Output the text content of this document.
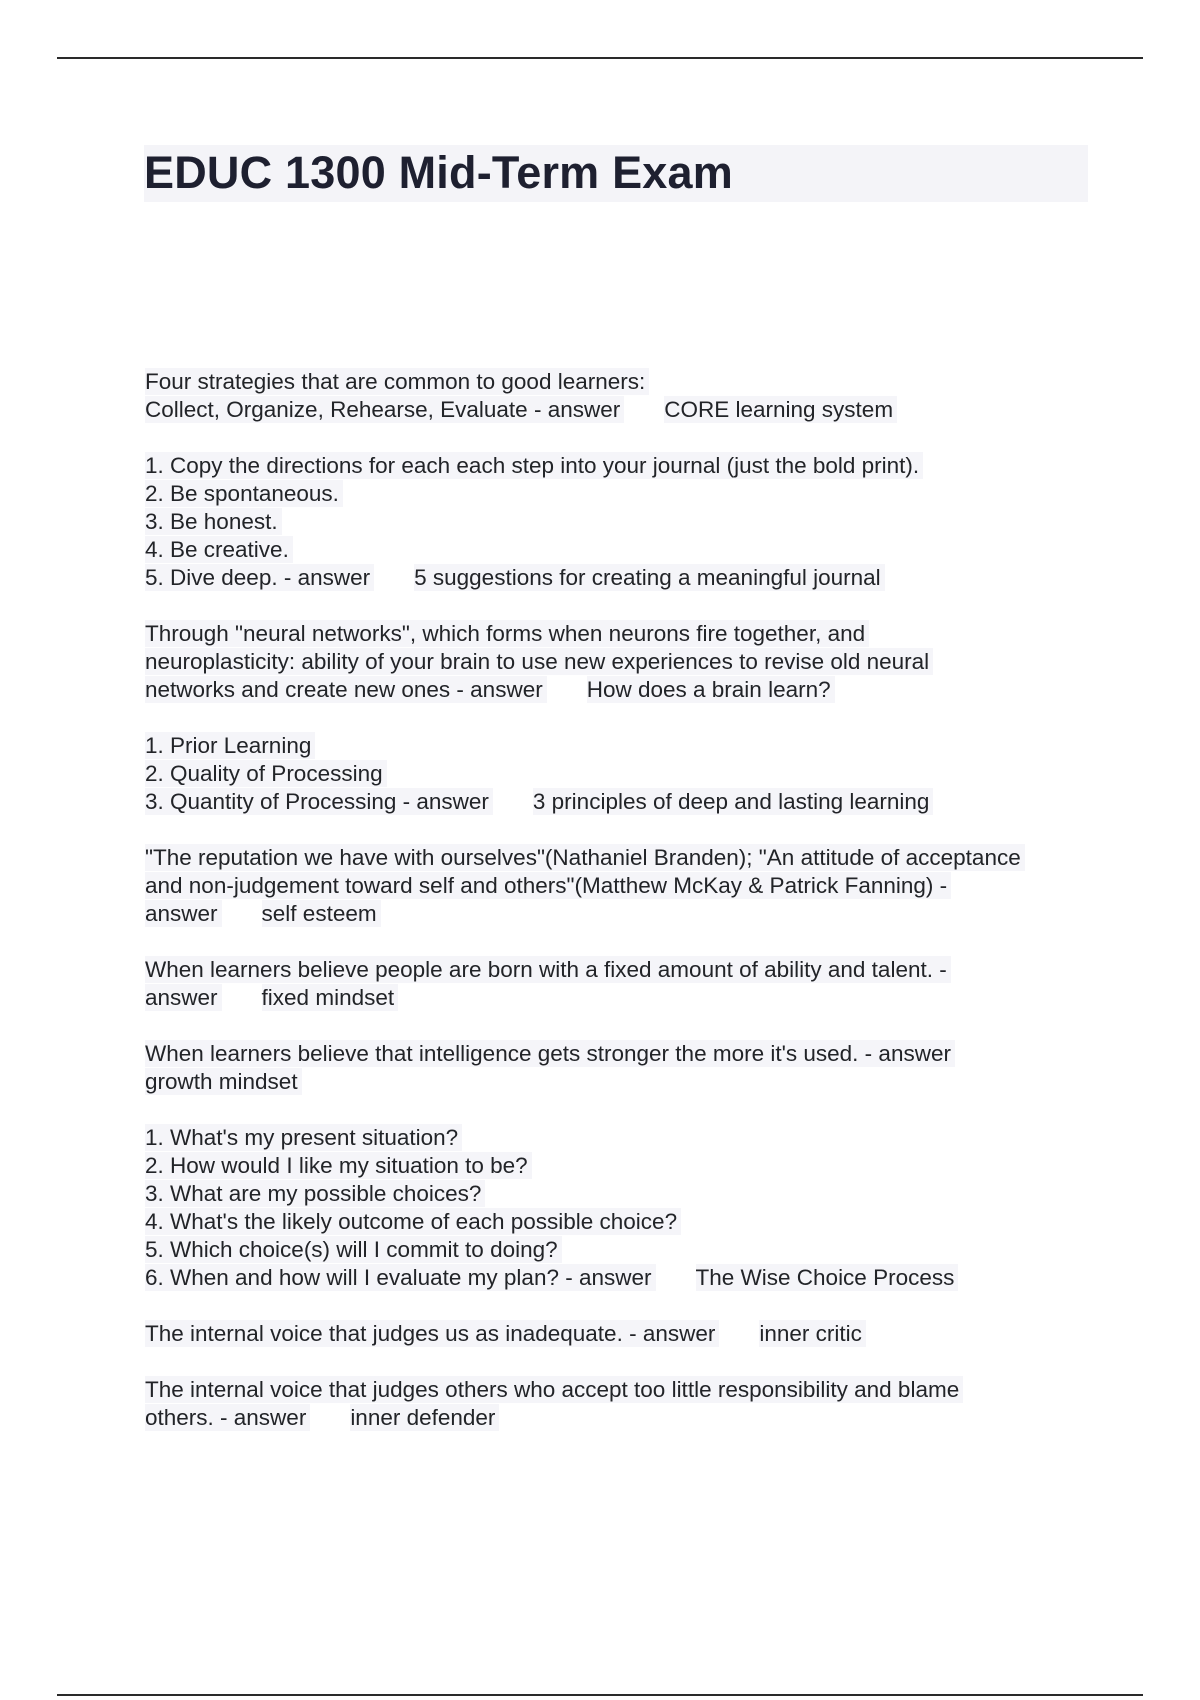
EDUC 1300 Mid-Term Exam
Four strategies that are common to good learners:
Collect, Organize, Rehearse, Evaluate - answer CORE learning system
1. Copy the directions for each each step into your journal (just the bold print).
2. Be spontaneous.
3. Be honest.
4. Be creative.
5. Dive deep. - answer 5 suggestions for creating a meaningful journal
Through "neural networks", which forms when neurons fire together, and
neuroplasticity: ability of your brain to use new experiences to revise old neural
networks and create new ones - answer How does a brain learn?
1. Prior Learning
2. Quality of Processing
3. Quantity of Processing - answer 3 principles of deep and lasting learning
"The reputation we have with ourselves"(Nathaniel Branden); "An attitude of acceptance
and non-judgement toward self and others"(Matthew McKay & Patrick Fanning) -
answer self esteem
When learners believe people are born with a fixed amount of ability and talent. -
answer fixed mindset
When learners believe that intelligence gets stronger the more it's used. - answer
growth mindset
1. What's my present situation?
2. How would I like my situation to be?
3. What are my possible choices?
4. What's the likely outcome of each possible choice?
5. Which choice(s) will I commit to doing?
6. When and how will I evaluate my plan? - answer The Wise Choice Process
The internal voice that judges us as inadequate. - answer inner critic
The internal voice that judges others who accept too little responsibility and blame
others. - answer inner defender
